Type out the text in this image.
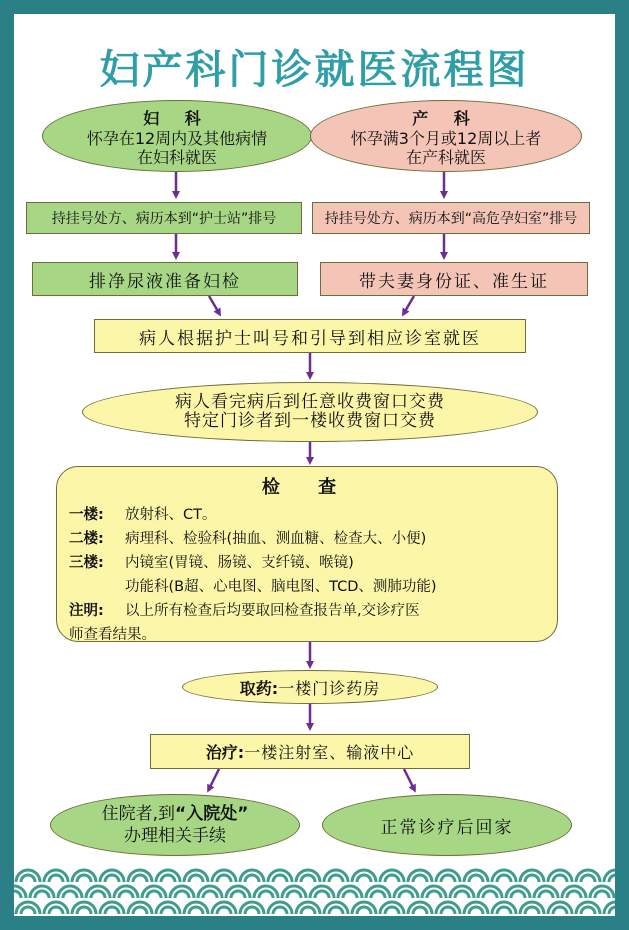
妇产科门诊就医流程图
妇 科
怀孕在12周内及其他病情
在妇科就医
产 科
怀孕满3个月或12周以上者
在产科就医
持挂号处方、病历本到“护士站”排号	持挂号处方、病历本到“高危孕妇室”排号
排净尿液准备妇检	带夫妻身份证、准生证
病人根据护士叫号和引导到相应诊室就医
病人看完病后到任意收费窗口交费
特定门诊者到一楼收费窗口交费
检 查
一楼:	放射科、CT。
二楼:	病理科、检验科(抽血、测血糖、检查大、小便)
三楼:	内镜室(胃镜、肠镜、支纤镜、喉镜)
功能科(B超、心电图、脑电图、TCD、测肺功能)
注明:	以上所有检查后均要取回检查报告单,交诊疗医
师查看结果。
取药: 一楼门诊药房
治疗: 一楼注射室、输液中心
住院者,到“入院处”
办理相关手续	正常诊疗后回家
